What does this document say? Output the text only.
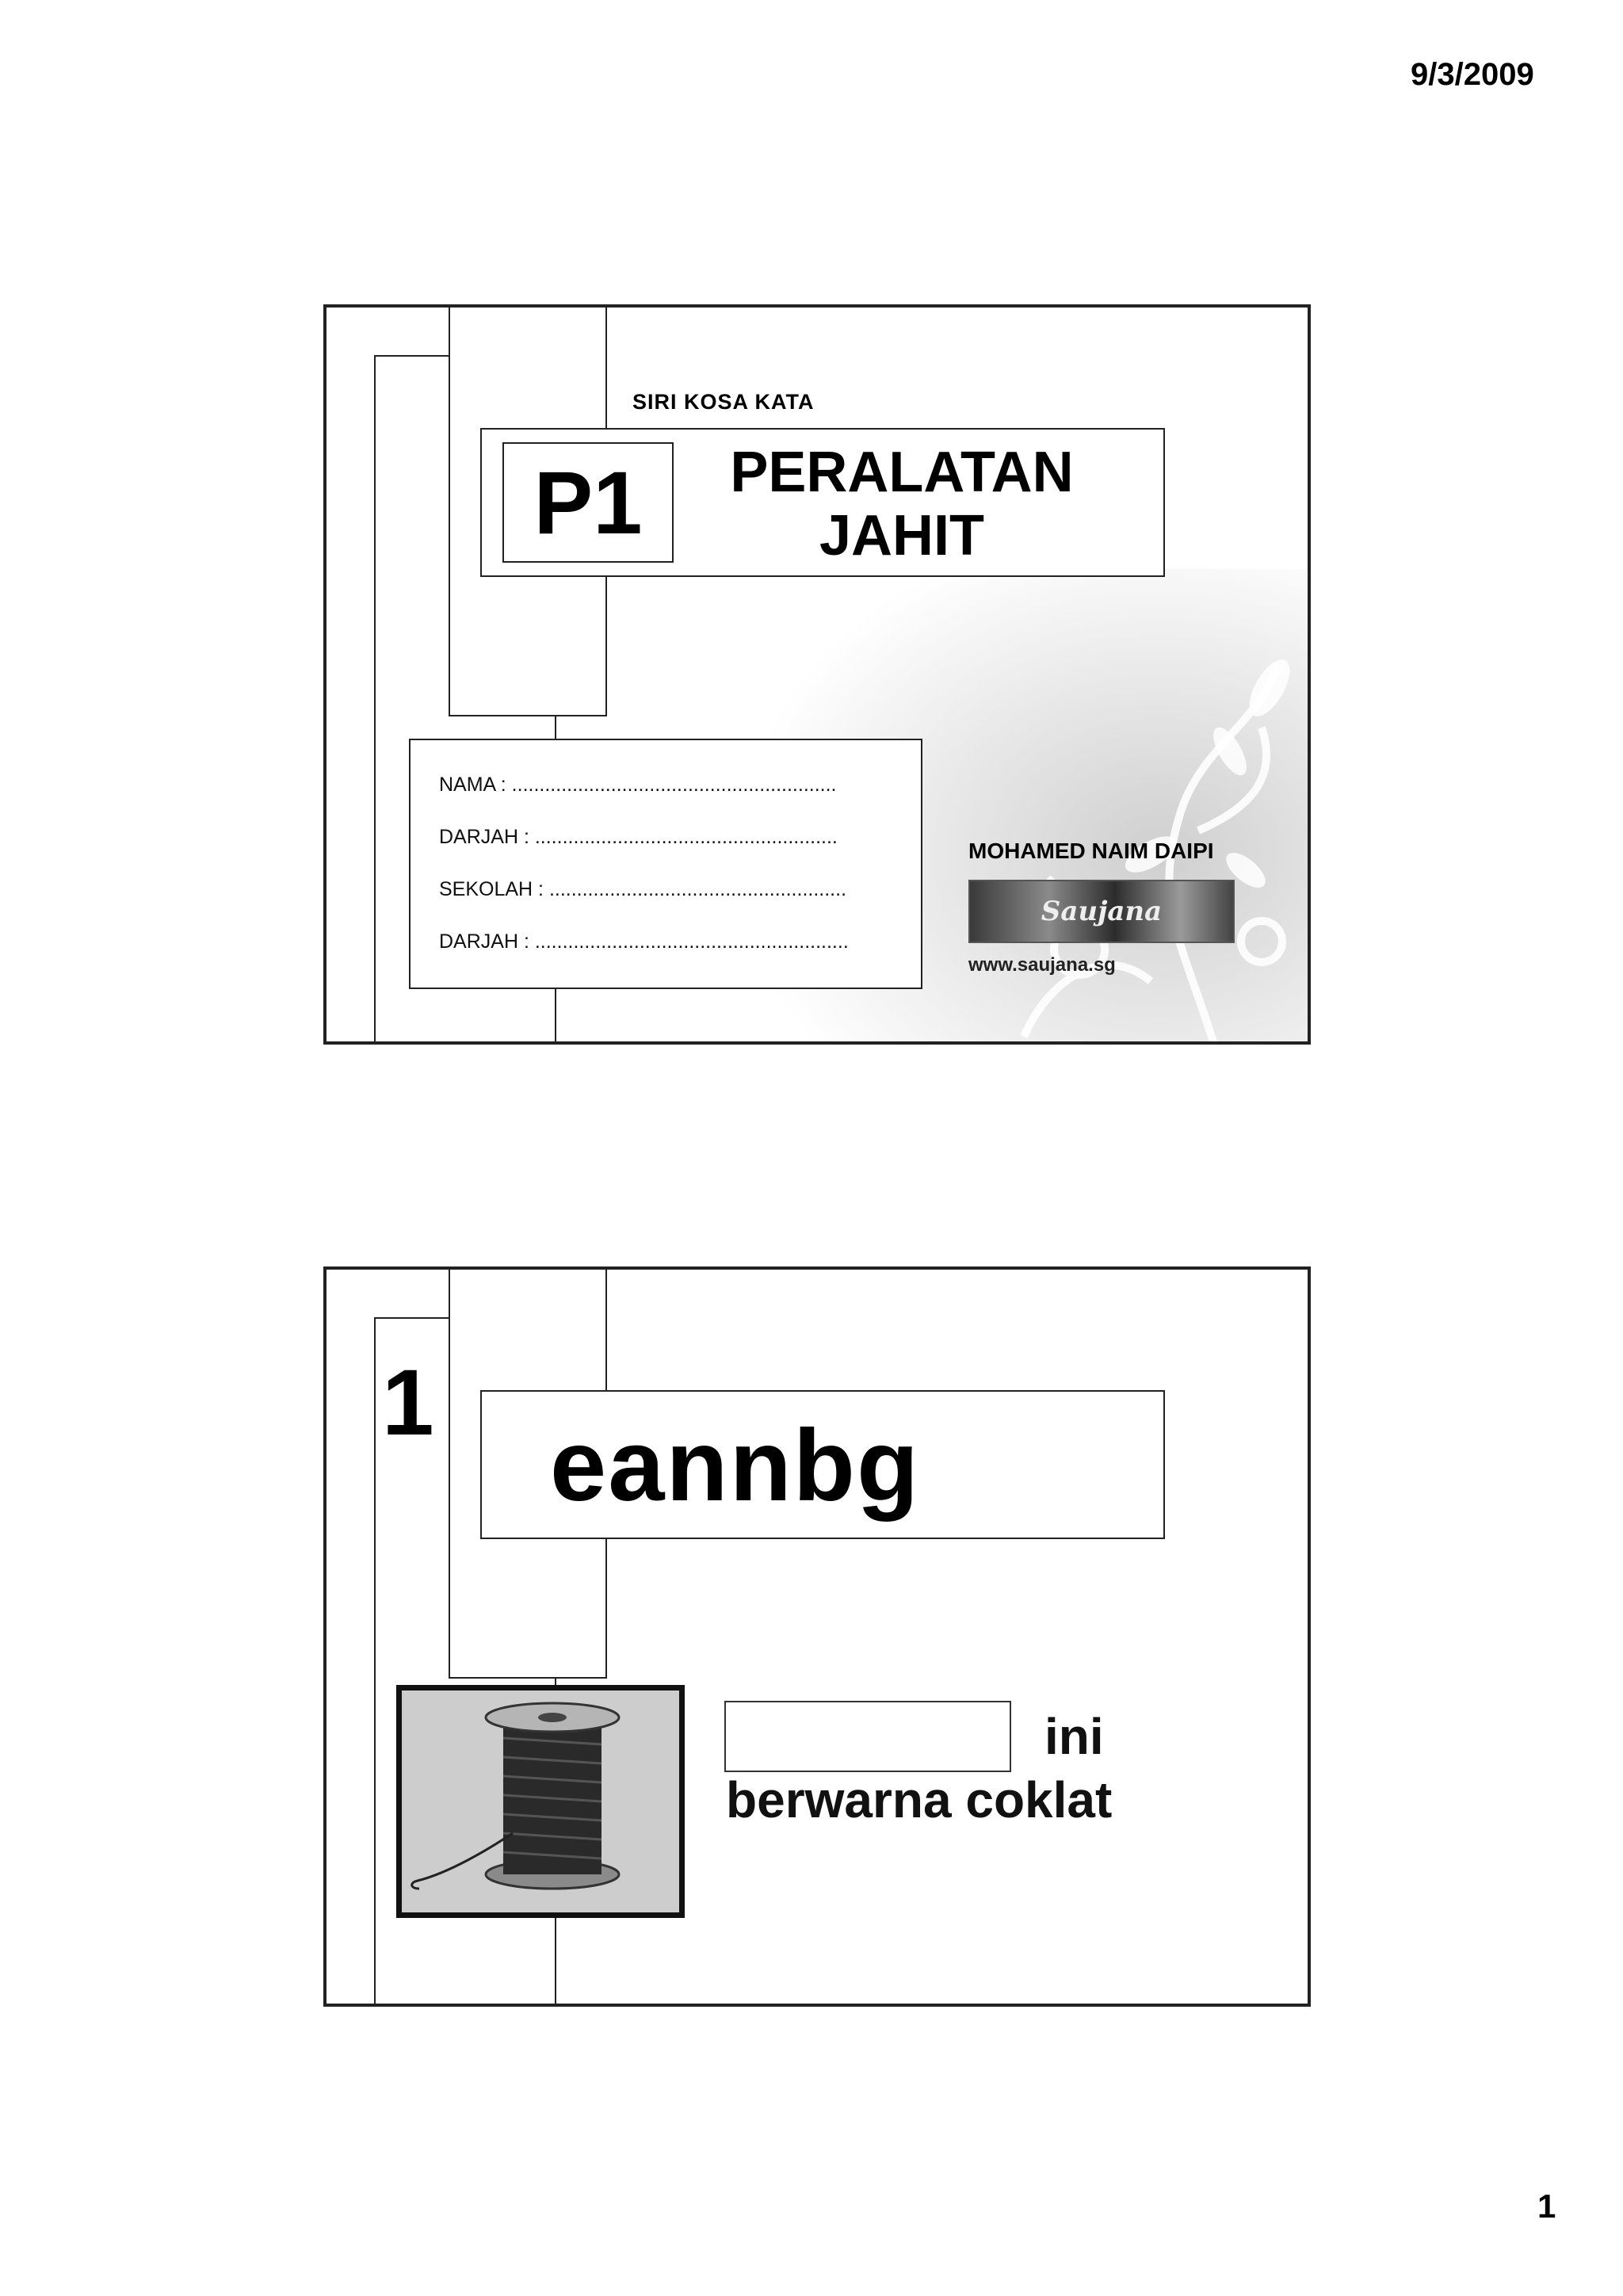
9/3/2009
SIRI KOSA KATA
PERALATAN
JAHIT
P1
NAMA : ...........................................................
DARJAH : .......................................................
SEKOLAH : ......................................................
DARJAH : .........................................................
MOHAMED NAIM DAIPI
Saujana
www.saujana.sg
1
eannbg
ini
berwarna coklat
1
